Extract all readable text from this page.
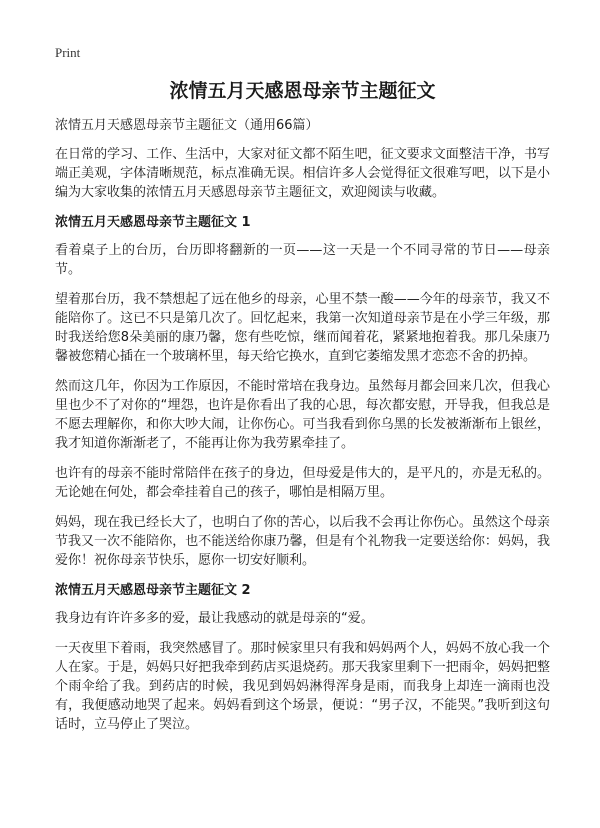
Print
浓情五月天感恩母亲节主题征文
浓情五月天感恩母亲节主题征文（通用66篇）

在日常的学习、工作、生活中，大家对征文都不陌生吧，征文要求文面整洁干净，书写端正美观，字体清晰规范，标点准确无误。相信许多人会觉得征文很难写吧，以下是小编为大家收集的浓情五月天感恩母亲节主题征文，欢迎阅读与收藏。

浓情五月天感恩母亲节主题征文 1

看着桌子上的台历，台历即将翻新的一页——这一天是一个不同寻常的节日——母亲节。

望着那台历，我不禁想起了远在他乡的母亲，心里不禁一酸——今年的母亲节，我又不能陪你了。这已不只是第几次了。回忆起来，我第一次知道母亲节是在小学三年级，那时我送给您8朵美丽的康乃馨，您有些吃惊，继而闻着花，紧紧地抱着我。那几朵康乃馨被您精心插在一个玻璃杯里，每天给它换水，直到它萎缩发黑才恋恋不舍的扔掉。

然而这几年，你因为工作原因，不能时常培在我身边。虽然每月都会回来几次，但我心里也少不了对你的“埋怨，也许是你看出了我的心思，每次都安慰，开导我，但我总是不愿去理解你，和你大吵大闹，让你伤心。可当我看到你乌黑的长发被渐渐布上银丝，我才知道你渐渐老了，不能再让你为我劳累牵挂了。

也许有的母亲不能时常陪伴在孩子的身边，但母爱是伟大的，是平凡的，亦是无私的。无论她在何处，都会牵挂着自己的孩子，哪怕是相隔万里。

妈妈，现在我已经长大了，也明白了你的苦心，以后我不会再让你伤心。虽然这个母亲节我又一次不能陪你，也不能送给你康乃馨，但是有个礼物我一定要送给你：妈妈，我爱你！祝你母亲节快乐，愿你一切安好顺利。

浓情五月天感恩母亲节主题征文 2

我身边有许许多多的爱，最让我感动的就是母亲的“爱。

一天夜里下着雨，我突然感冒了。那时候家里只有我和妈妈两个人，妈妈不放心我一个人在家。于是，妈妈只好把我牵到药店买退烧药。那天我家里剩下一把雨伞，妈妈把整个雨伞给了我。到药店的时候，我见到妈妈淋得浑身是雨，而我身上却连一滴雨也没有，我便感动地哭了起来。妈妈看到这个场景，便说：“男子汉，不能哭。”我听到这句话时，立马停止了哭泣。
